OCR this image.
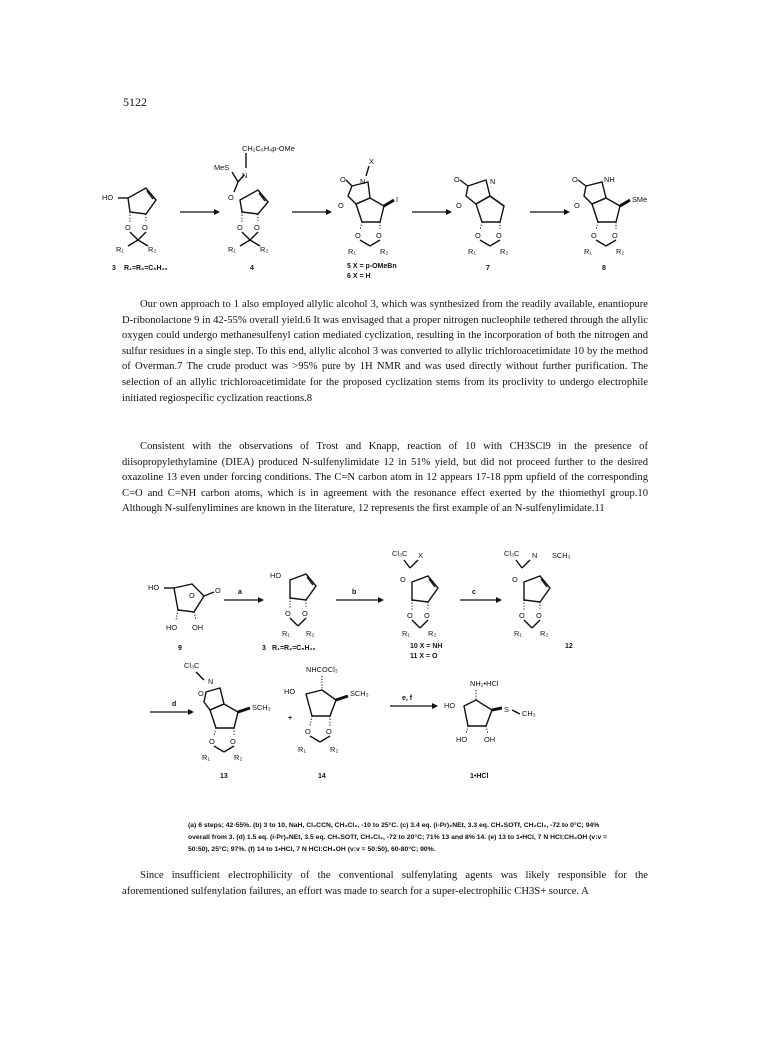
5122
HO
O O
R₁	R₂
3 R₁=R₂=C₅H₁₀
CH₂C₆H₄p-OMe
MeS
N
O
O O
R₁	R₂
4
X
O N
O
I
O O
R₁	R₂
5 X = p-OMeBn
6 X = H
O	N
O
O O
R₁	R₂
7
O	NH
O
SMe
O O
R₁	R₂
8
HO
O
O
HO OH
9
a
HO
O O
R₁ R₂
3 R₁=R₂=C₅H₁₀
b
Cl₃C X
O
O O
R₁ R₂
10 X = NH
11 X = O
c
Cl₃C N SCH₃
O
O O
R₁ R₂
12
d
Cl₃C
N
O
SCH₃
O O
R₁	R₂
13
+
NHCOCl₃
HO	SCH₃
O O
R₁	R₂
14
e, f
NH₂•HCl
HO	S CH₃
HO OH
1•HCl

Our own approach to 1 also employed allylic alcohol 3, which was synthesized from the readily available, enantiopure D-ribonolactone 9 in 42-55% overall yield.6 It was envisaged that a proper nitrogen nucleophile tethered through the allylic oxygen could undergo methanesulfenyl cation mediated cyclization, resulting in the incorporation of both the nitrogen and sulfur residues in a single step. To this end, allylic alcohol 3 was converted to allylic trichloroacetimidate 10 by the method of Overman.7 The crude product was >95% pure by 1H NMR and was used directly without further purification. The selection of an allylic trichloroacetimidate for the proposed cyclization stems from its proclivity to undergo electrophile initiated regiospecific cyclization reactions.8

Consistent with the observations of Trost and Knapp, reaction of 10 with CH3SCl9 in the presence of diisopropylethylamine (DIEA) produced N-sulfenylimidate 12 in 51% yield, but did not proceed further to the desired oxazoline 13 even under forcing conditions. The C=N carbon atom in 12 appears 17-18 ppm upfield of the corresponding C=O and C=NH carbon atoms, which is in agreement with the resonance effect exerted by the thiomethyl group.10 Although N-sulfenylimines are known in the literature, 12 represents the first example of an N-sulfenylimidate.11

(a) 6 steps; 42-55%. (b) 3 to 10, NaH, Cl₃CCN, CH₂Cl₂, -10 to 25°C. (c) 3.4 eq. (i-Pr)₂NEt, 3.3 eq. CH₃SOTf, CH₂Cl₂, -72 to 0°C; 94% overall from 3. (d) 1.5 eq. (i-Pr)₂NEt, 3.5 eq. CH₃SOTf, CH₂Cl₂, -72 to 20°C; 71% 13 and 8% 14. (e) 13 to 1•HCl, 7 N HCl:CH₃OH (v:v = 50:50), 25°C; 97%. (f) 14 to 1•HCl, 7 N HCl:CH₃OH (v:v = 50:50), 60-80°C; 90%.

Since insufficient electrophilicity of the conventional sulfenylating agents was likely responsible for the aforementioned sulfenylation failures, an effort was made to search for a super-electrophilic CH3S+ source. A
